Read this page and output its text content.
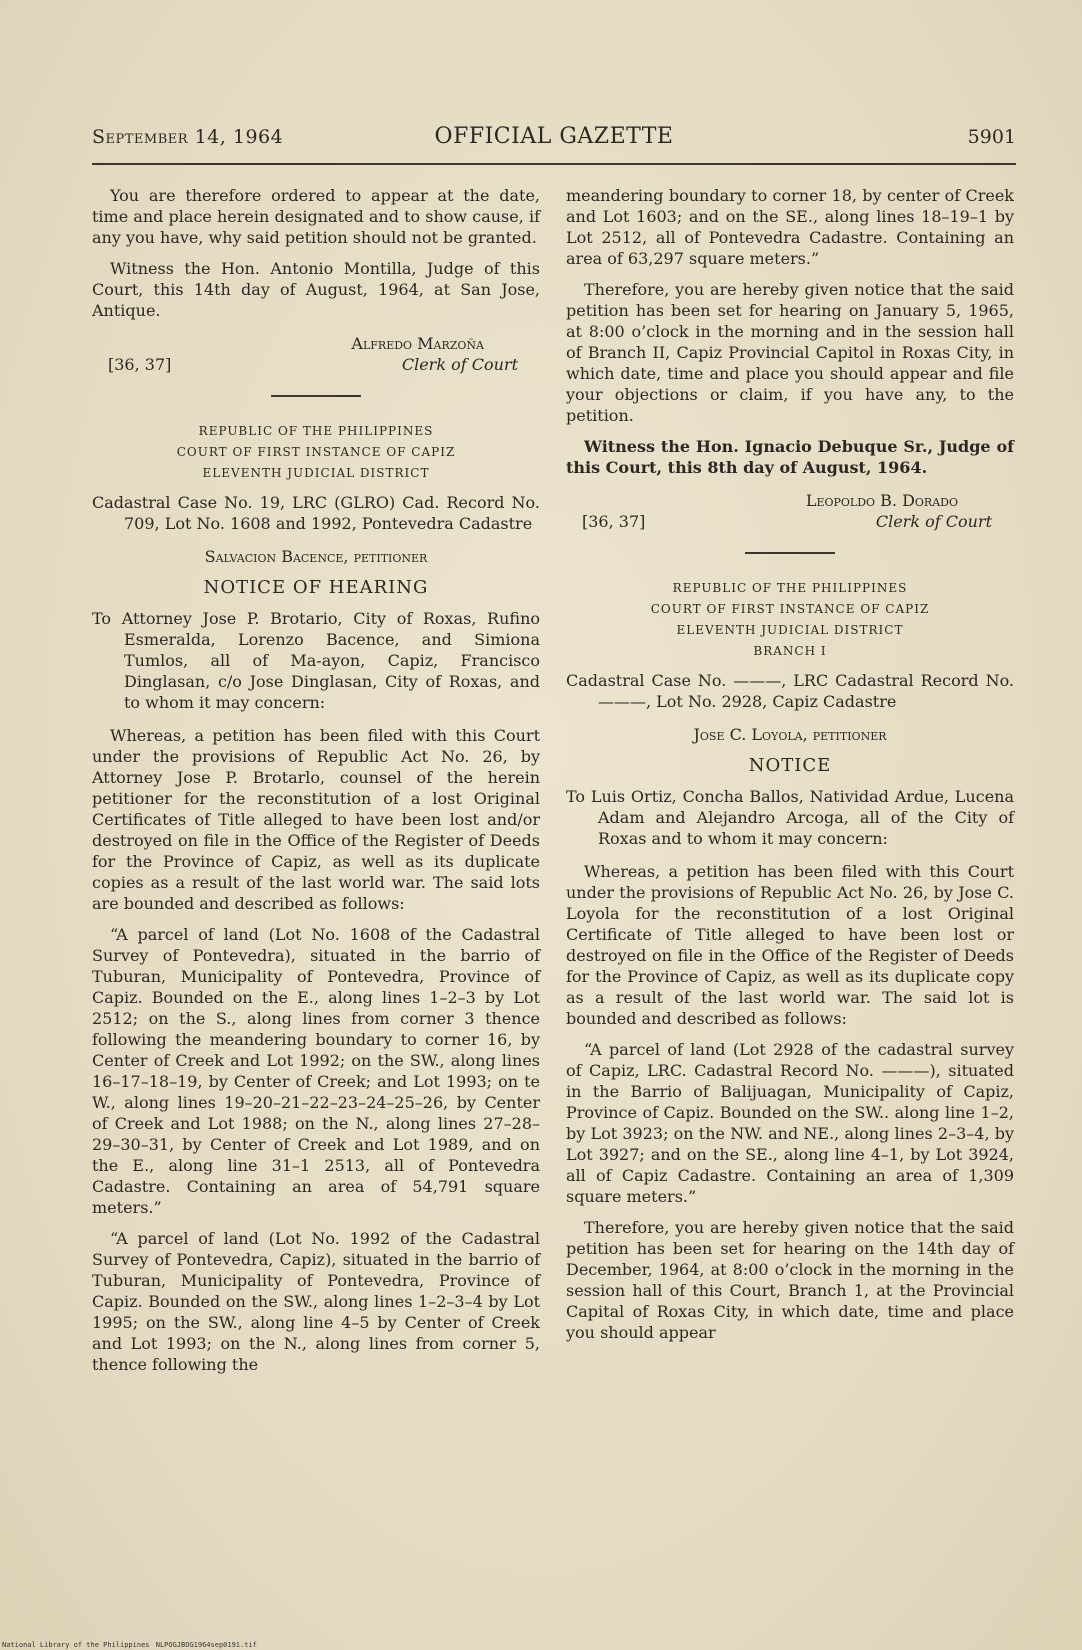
September 14, 1964	OFFICIAL GAZETTE	5901

You are therefore ordered to appear at the date, time and place herein designated and to show cause, if any you have, why said petition should not be granted.

Witness the Hon. Antonio Montilla, Judge of this Court, this 14th day of August, 1964, at San Jose, Antique.

Alfredo Marzoña
[36, 37]	Clerk of Court
REPUBLIC OF THE PHILIPPINES
COURT OF FIRST INSTANCE OF CAPIZ
ELEVENTH JUDICIAL DISTRICT

Cadastral Case No. 19, LRC (GLRO) Cad. Record No. 709, Lot No. 1608 and 1992, Pontevedra Cadastre

Salvacion Bacence, petitioner

NOTICE OF HEARING

To Attorney Jose P. Brotario, City of Roxas, Rufino Esmeralda, Lorenzo Bacence, and Simiona Tumlos, all of Ma-ayon, Capiz, Francisco Dinglasan, c/o Jose Dinglasan, City of Roxas, and to whom it may concern:

Whereas, a petition has been filed with this Court under the provisions of Republic Act No. 26, by Attorney Jose P. Brotarlo, counsel of the herein petitioner for the reconstitution of a lost Original Certificates of Title alleged to have been lost and/or destroyed on file in the Office of the Register of Deeds for the Province of Capiz, as well as its duplicate copies as a result of the last world war. The said lots are bounded and described as follows:

“A parcel of land (Lot No. 1608 of the Cadastral Survey of Pontevedra), situated in the barrio of Tuburan, Municipality of Pontevedra, Province of Capiz. Bounded on the E., along lines 1–2–3 by Lot 2512; on the S., along lines from corner 3 thence following the meandering boundary to corner 16, by Center of Creek and Lot 1992; on the SW., along lines 16–17–18–19, by Center of Creek; and Lot 1993; on te W., along lines 19–20–21–22–23–24–25–26, by Center of Creek and Lot 1988; on the N., along lines 27–28–29–30–31, by Center of Creek and Lot 1989, and on the E., along line 31–1 2513, all of Pontevedra Cadastre. Containing an area of 54,791 square meters.”

“A parcel of land (Lot No. 1992 of the Cadastral Survey of Pontevedra, Capiz), situated in the barrio of Tuburan, Municipality of Pontevedra, Province of Capiz. Bounded on the SW., along lines 1–2–3–4 by Lot 1995; on the SW., along line 4–5 by Center of Creek and Lot 1993; on the N., along lines from corner 5, thence following the

meandering boundary to corner 18, by center of Creek and Lot 1603; and on the SE., along lines 18–19–1 by Lot 2512, all of Pontevedra Cadastre. Containing an area of 63,297 square meters.”

Therefore, you are hereby given notice that the said petition has been set for hearing on January 5, 1965, at 8:00 o’clock in the morning and in the session hall of Branch II, Capiz Provincial Capitol in Roxas City, in which date, time and place you should appear and file your objections or claim, if you have any, to the petition.

Witness the Hon. Ignacio Debuque Sr., Judge of this Court, this 8th day of August, 1964.

Leopoldo B. Dorado
[36, 37]	Clerk of Court
REPUBLIC OF THE PHILIPPINES
COURT OF FIRST INSTANCE OF CAPIZ
ELEVENTH JUDICIAL DISTRICT
BRANCH I

Cadastral Case No. ———, LRC Cadastral Record No. ———, Lot No. 2928, Capiz Cadastre

Jose C. Loyola, petitioner

NOTICE

To Luis Ortiz, Concha Ballos, Natividad Ardue, Lucena Adam and Alejandro Arcoga, all of the City of Roxas and to whom it may concern:

Whereas, a petition has been filed with this Court under the provisions of Republic Act No. 26, by Jose C. Loyola for the reconstitution of a lost Original Certificate of Title alleged to have been lost or destroyed on file in the Office of the Register of Deeds for the Province of Capiz, as well as its duplicate copy as a result of the last world war. The said lot is bounded and described as follows:

“A parcel of land (Lot 2928 of the cadastral survey of Capiz, LRC. Cadastral Record No. ———), situated in the Barrio of Balijuagan, Municipality of Capiz, Province of Capiz. Bounded on the SW.. along line 1–2, by Lot 3923; on the NW. and NE., along lines 2–3–4, by Lot 3927; and on the SE., along line 4–1, by Lot 3924, all of Capiz Cadastre. Containing an area of 1,309 square meters.”

Therefore, you are hereby given notice that the said petition has been set for hearing on the 14th day of December, 1964, at 8:00 o’clock in the morning in the session hall of this Court, Branch 1, at the Provincial Capital of Roxas City, in which date, time and place you should appear

National Library of the Philippines NLPOGJBOG1964sep0191.tif
